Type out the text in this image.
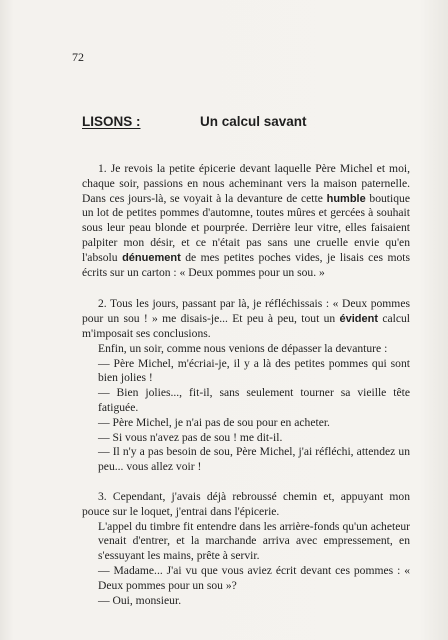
72
LISONS :	Un calcul savant

1. Je revois la petite épicerie devant laquelle Père Michel et moi, chaque soir, passions en nous acheminant vers la maison paternelle. Dans ces jours-là, se voyait à la devanture de cette humble boutique un lot de petites pommes d'automne, toutes mûres et gercées à souhait sous leur peau blonde et pourprée. Derrière leur vitre, elles faisaient palpiter mon désir, et ce n'était pas sans une cruelle envie qu'en l'absolu dénuement de mes petites poches vides, je lisais ces mots écrits sur un carton : « Deux pommes pour un sou. »

2. Tous les jours, passant par là, je réfléchissais : « Deux pommes pour un sou ! » me disais-je... Et peu à peu, tout un évident calcul m'imposait ses conclusions.

Enfin, un soir, comme nous venions de dépasser la devanture :

— Père Michel, m'écriai-je, il y a là des petites pommes qui sont bien jolies !

— Bien jolies..., fit-il, sans seulement tourner sa vieille tête fatiguée.

— Père Michel, je n'ai pas de sou pour en acheter.

— Si vous n'avez pas de sou ! me dit-il.

— Il n'y a pas besoin de sou, Père Michel, j'ai réfléchi, attendez un peu... vous allez voir !

3. Cependant, j'avais déjà rebroussé chemin et, appuyant mon pouce sur le loquet, j'entrai dans l'épicerie.

L'appel du timbre fit entendre dans les arrière-fonds qu'un acheteur venait d'entrer, et la marchande arriva avec empressement, en s'essuyant les mains, prête à servir.

— Madame... J'ai vu que vous aviez écrit devant ces pommes : « Deux pommes pour un sou »?

— Oui, monsieur.
